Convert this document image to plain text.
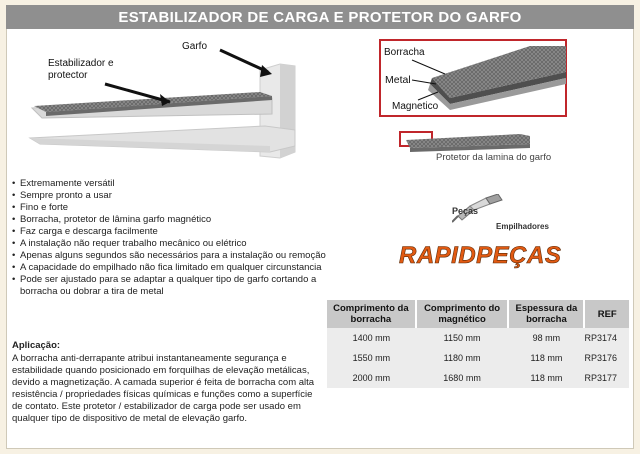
ESTABILIZADOR DE CARGA E PROTETOR DO GARFO
Garfo
Estabilizador e protector
Borracha
Metal
Magnetico
Protetor da lamina do garfo
• Extremamente versátil
• Sempre pronto a usar
• Fino e forte
• Borracha, protetor de lâmina garfo magnético
• Faz carga e descarga facilmente
• A instalação não requer trabalho mecânico ou elétrico
• Apenas alguns segundos são necessários para a instalação ou remoção
• A capacidade do empilhado não fica limitado em qualquer circunstancia
• Pode ser ajustado para se adaptar a qualquer tipo de garfo cortando a borracha ou dobrar a tira de metal
Aplicação:
A borracha anti-derrapante atribui instantaneamente segurança e estabilidade quando posicionado em forquilhas de elevação metálicas, devido a magnetização. A camada superior é feita de borracha com alta resistência / propriedades físicas químicas e funções como a superfície de contato. Este protetor / estabilizador de carga pode ser usado em qualquer tipo de dispositivo de metal de elevação garfo.
Peças
Empilhadores
RAPIDPEÇAS
Comprimento da borracha	Comprimento do magnético	Espessura da borracha	REF
1400 mm	1150 mm	98 mm	RP3174
1550 mm	1180 mm	118 mm	RP3176
2000 mm	1680 mm	118 mm	RP3177
